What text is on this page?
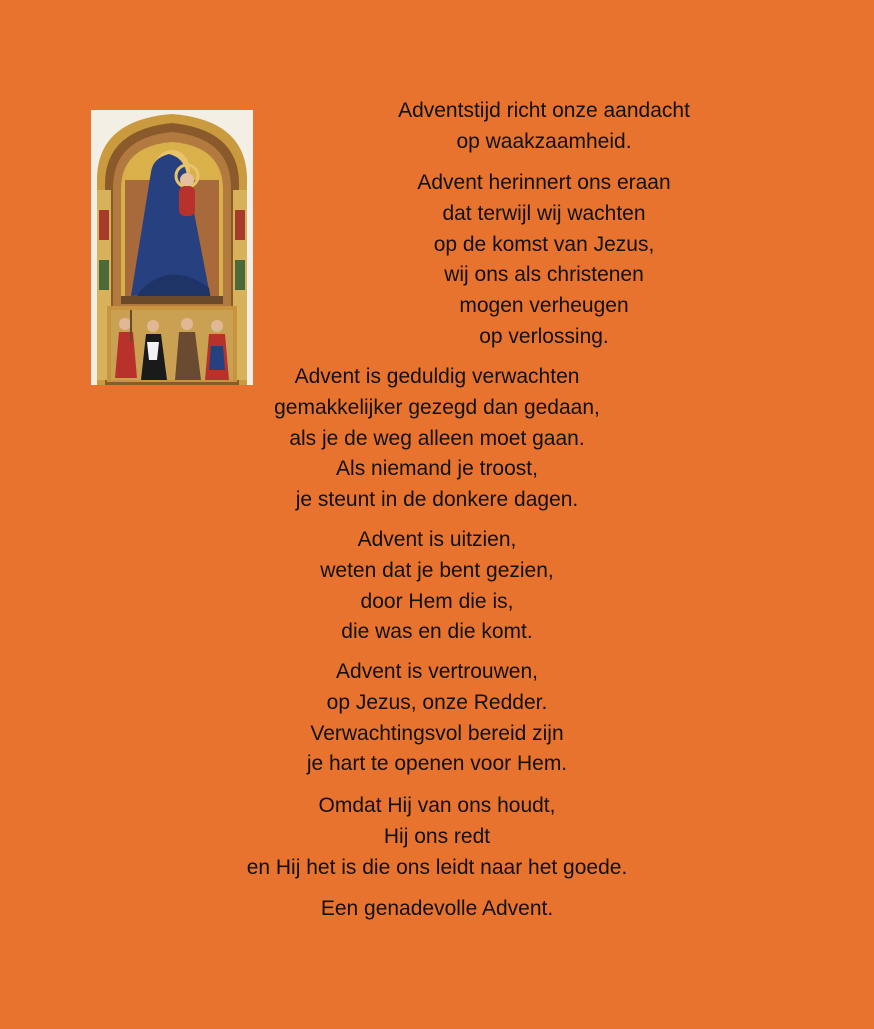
Adventstijd richt onze aandacht
op waakzaamheid.
Advent herinnert ons eraan
dat terwijl wij wachten
op de komst van Jezus,
wij ons als christenen
mogen verheugen
op verlossing.
Advent is geduldig verwachten
gemakkelijker gezegd dan gedaan,
als je de weg alleen moet gaan.
Als niemand je troost,
je steunt in de donkere dagen.
Advent is uitzien,
weten dat je bent gezien,
door Hem die is,
die was en die komt.
Advent is vertrouwen,
op Jezus, onze Redder.
Verwachtingsvol bereid zijn
je hart te openen voor Hem.
Omdat Hij van ons houdt,
Hij ons redt
en Hij het is die ons leidt naar het goede.
Een genadevolle Advent.
